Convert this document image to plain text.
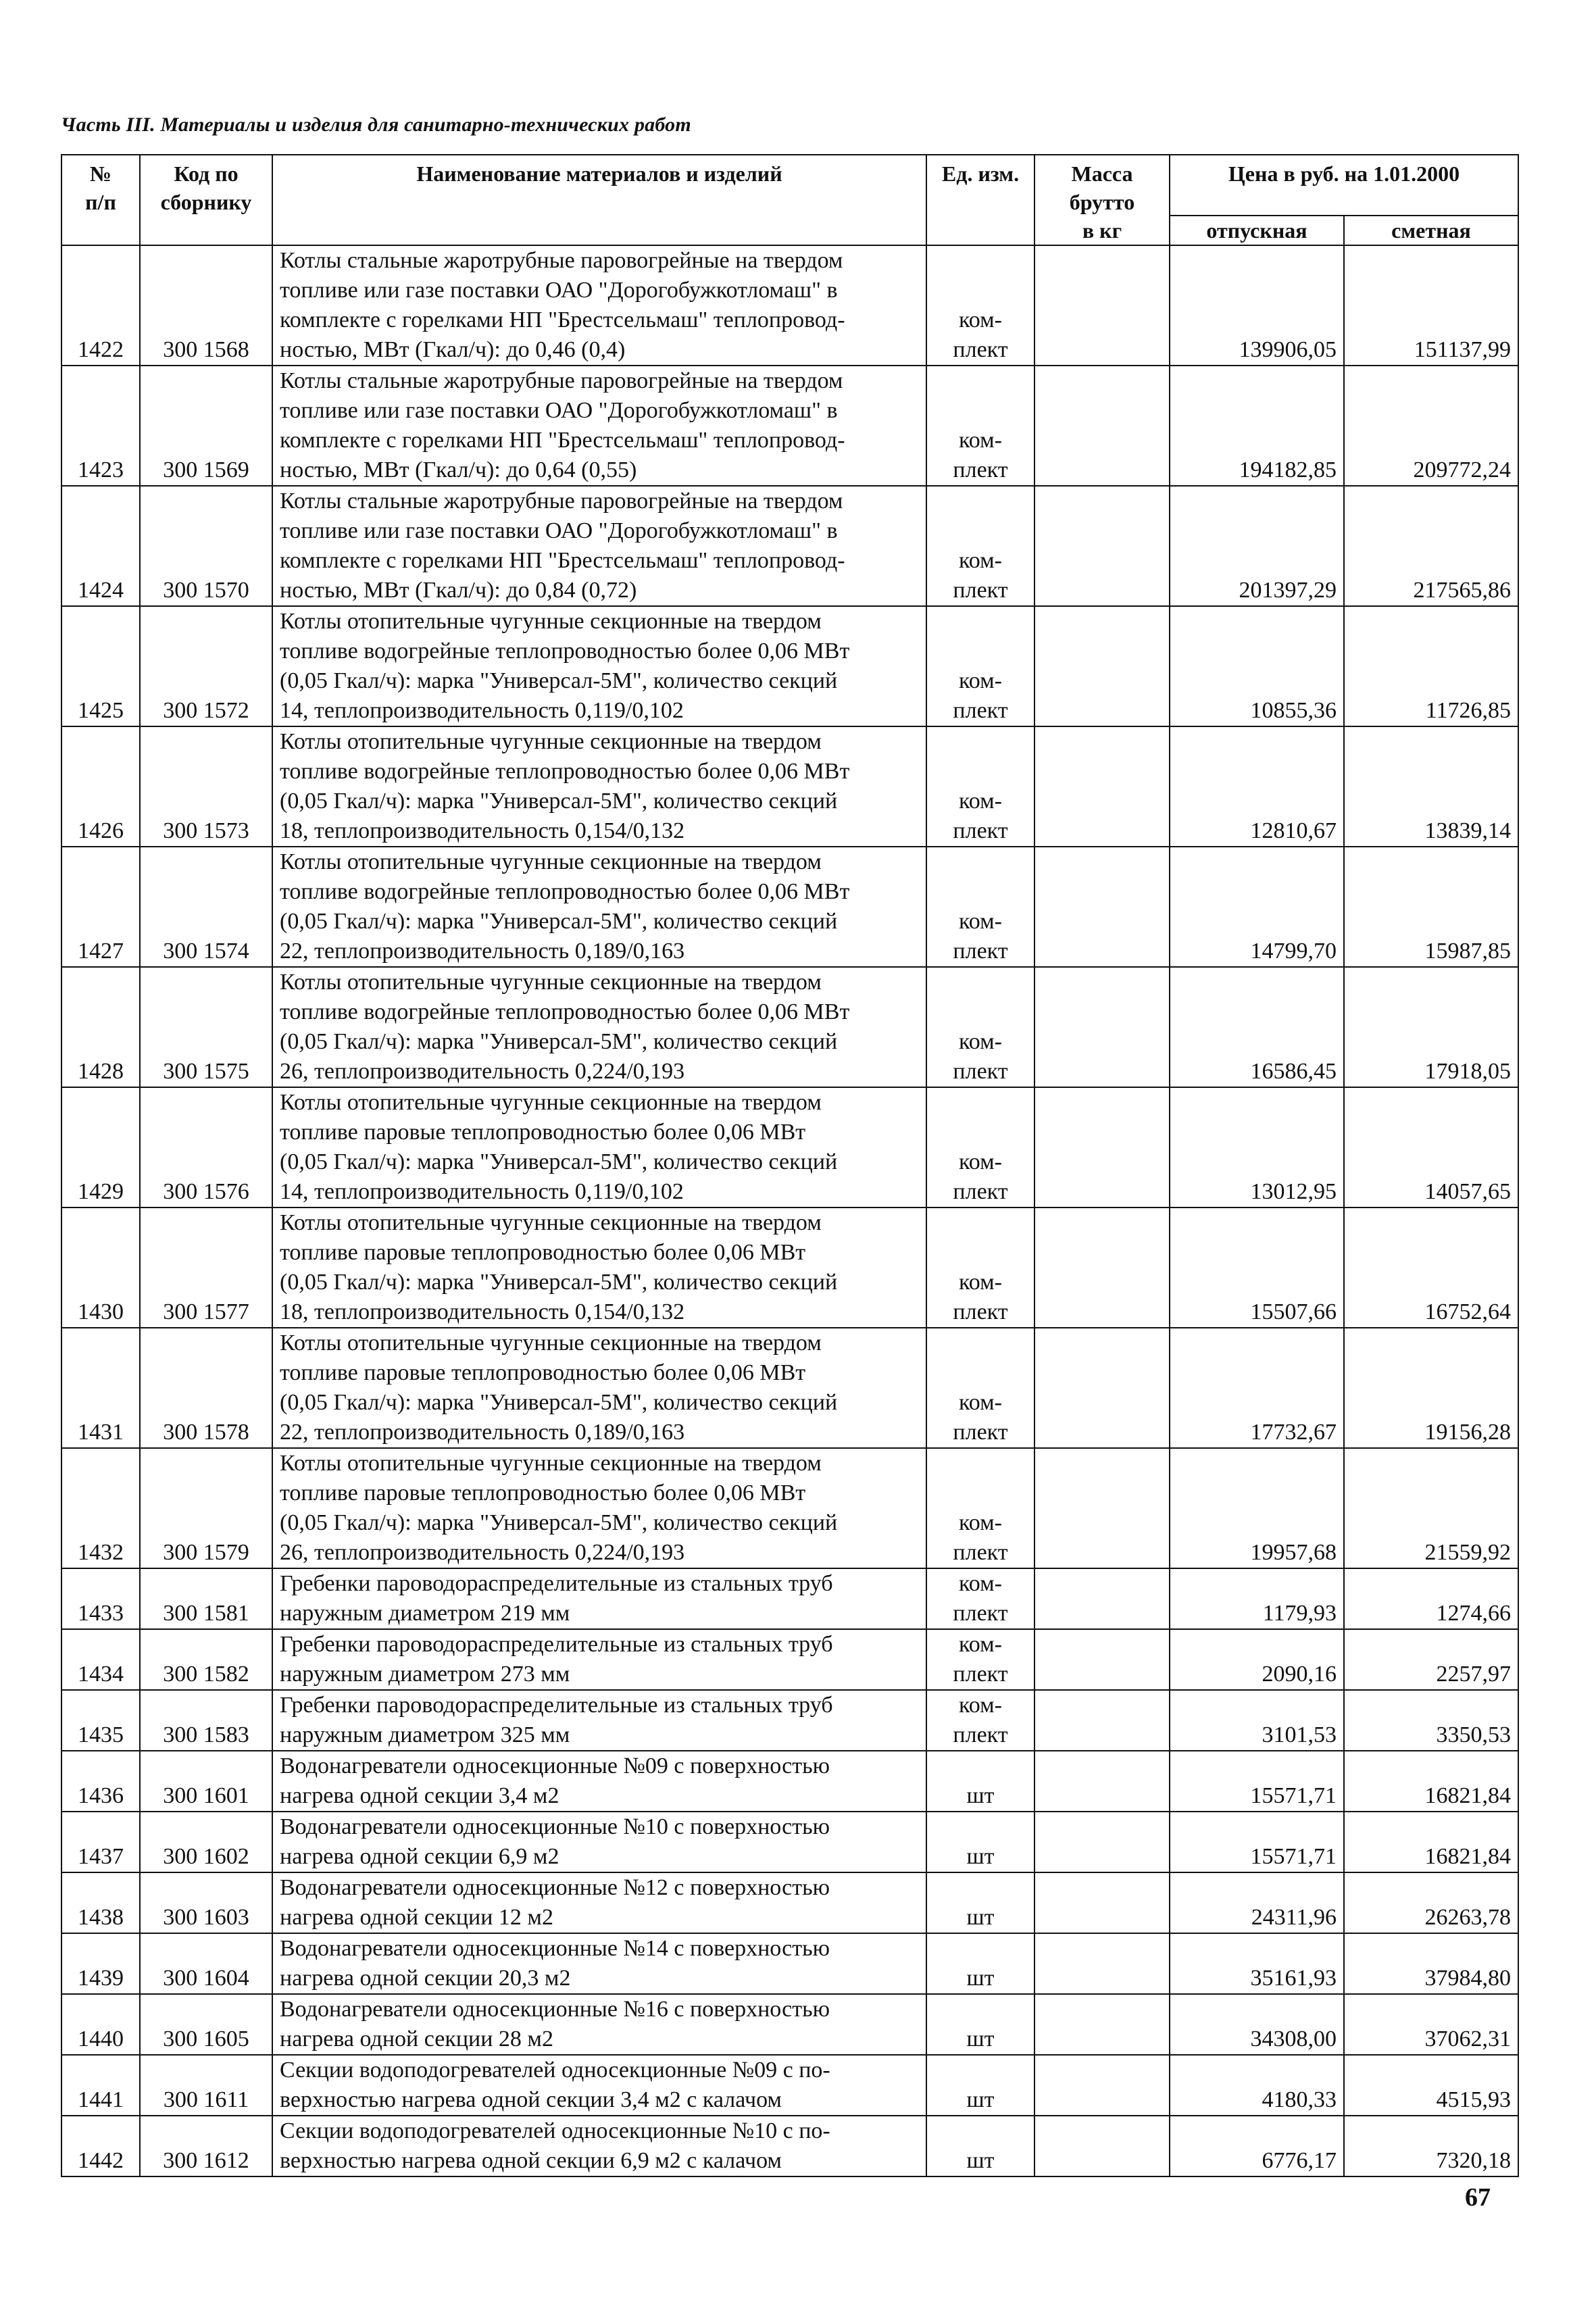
Часть III. Материалы и изделия для санитарно-технических работ
№
п/п	Код по
сборнику	Наименование материалов и изделий	Ед. изм.	Масса
брутто
в кг	Цена в руб. на 1.01.2000	
					отпускная	сметная
1422	300 1568	Котлы стальные жаротрубные паровогрейные на твердом
топливе или газе поставки ОАО "Дорогобужкотломаш" в
комплекте с горелками НП "Брестсельмаш" теплопровод-
ностью, МВт (Гкал/ч): до 0,46 (0,4)	ком-
плект		139906,05	151137,99
1423	300 1569	Котлы стальные жаротрубные паровогрейные на твердом
топливе или газе поставки ОАО "Дорогобужкотломаш" в
комплекте с горелками НП "Брестсельмаш" теплопровод-
ностью, МВт (Гкал/ч): до 0,64 (0,55)	ком-
плект		194182,85	209772,24
1424	300 1570	Котлы стальные жаротрубные паровогрейные на твердом
топливе или газе поставки ОАО "Дорогобужкотломаш" в
комплекте с горелками НП "Брестсельмаш" теплопровод-
ностью, МВт (Гкал/ч): до 0,84 (0,72)	ком-
плект		201397,29	217565,86
1425	300 1572	Котлы отопительные чугунные секционные на твердом
топливе водогрейные теплопроводностью более 0,06 МВт
(0,05 Гкал/ч): марка "Универсал-5М", количество секций
14, теплопроизводительность 0,119/0,102	ком-
плект		10855,36	11726,85
1426	300 1573	Котлы отопительные чугунные секционные на твердом
топливе водогрейные теплопроводностью более 0,06 МВт
(0,05 Гкал/ч): марка "Универсал-5М", количество секций
18, теплопроизводительность 0,154/0,132	ком-
плект		12810,67	13839,14
1427	300 1574	Котлы отопительные чугунные секционные на твердом
топливе водогрейные теплопроводностью более 0,06 МВт
(0,05 Гкал/ч): марка "Универсал-5М", количество секций
22, теплопроизводительность 0,189/0,163	ком-
плект		14799,70	15987,85
1428	300 1575	Котлы отопительные чугунные секционные на твердом
топливе водогрейные теплопроводностью более 0,06 МВт
(0,05 Гкал/ч): марка "Универсал-5М", количество секций
26, теплопроизводительность 0,224/0,193	ком-
плект		16586,45	17918,05
1429	300 1576	Котлы отопительные чугунные секционные на твердом
топливе паровые теплопроводностью более 0,06 МВт
(0,05 Гкал/ч): марка "Универсал-5М", количество секций
14, теплопроизводительность 0,119/0,102	ком-
плект		13012,95	14057,65
1430	300 1577	Котлы отопительные чугунные секционные на твердом
топливе паровые теплопроводностью более 0,06 МВт
(0,05 Гкал/ч): марка "Универсал-5М", количество секций
18, теплопроизводительность 0,154/0,132	ком-
плект		15507,66	16752,64
1431	300 1578	Котлы отопительные чугунные секционные на твердом
топливе паровые теплопроводностью более 0,06 МВт
(0,05 Гкал/ч): марка "Универсал-5М", количество секций
22, теплопроизводительность 0,189/0,163	ком-
плект		17732,67	19156,28
1432	300 1579	Котлы отопительные чугунные секционные на твердом
топливе паровые теплопроводностью более 0,06 МВт
(0,05 Гкал/ч): марка "Универсал-5М", количество секций
26, теплопроизводительность 0,224/0,193	ком-
плект		19957,68	21559,92
1433	300 1581	Гребенки пароводораспределительные из стальных труб
наружным диаметром 219 мм	ком-
плект		1179,93	1274,66
1434	300 1582	Гребенки пароводораспределительные из стальных труб
наружным диаметром 273 мм	ком-
плект		2090,16	2257,97
1435	300 1583	Гребенки пароводораспределительные из стальных труб
наружным диаметром 325 мм	ком-
плект		3101,53	3350,53
1436	300 1601	Водонагреватели односекционные №09 с поверхностью
нагрева одной секции 3,4 м2	шт		15571,71	16821,84
1437	300 1602	Водонагреватели односекционные №10 с поверхностью
нагрева одной секции 6,9 м2	шт		15571,71	16821,84
1438	300 1603	Водонагреватели односекционные №12 с поверхностью
нагрева одной секции 12 м2	шт		24311,96	26263,78
1439	300 1604	Водонагреватели односекционные №14 с поверхностью
нагрева одной секции 20,3 м2	шт		35161,93	37984,80
1440	300 1605	Водонагреватели односекционные №16 с поверхностью
нагрева одной секции 28 м2	шт		34308,00	37062,31
1441	300 1611	Секции водоподогревателей односекционные №09 с по-
верхностью нагрева одной секции 3,4 м2 с калачом	шт		4180,33	4515,93
1442	300 1612	Секции водоподогревателей односекционные №10 с по-
верхностью нагрева одной секции 6,9 м2 с калачом	шт		6776,17	7320,18
67
